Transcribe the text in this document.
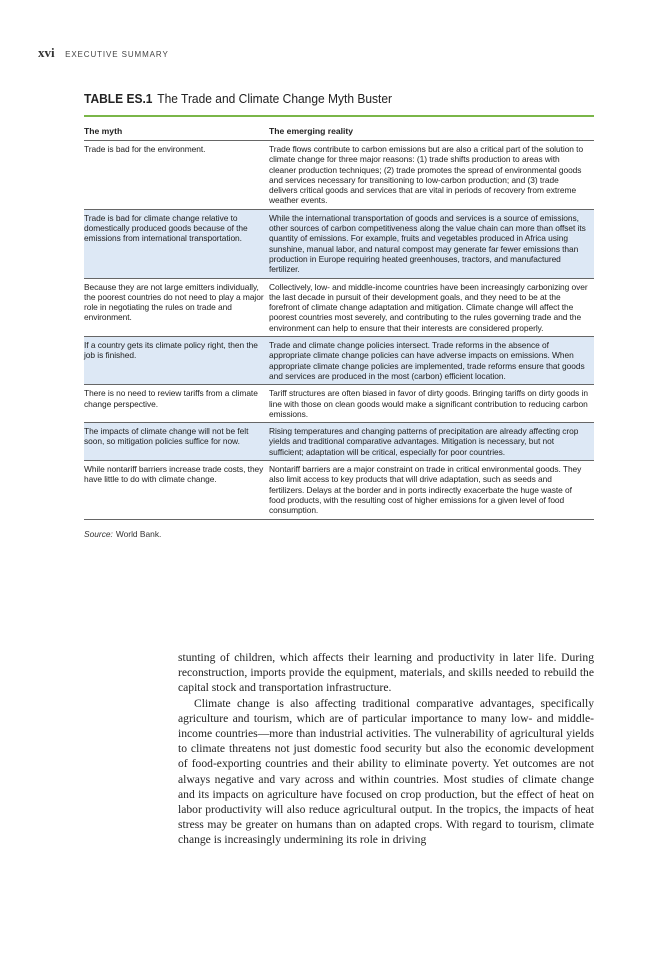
xvi EXECUTIVE SUMMARY
TABLE ES.1 The Trade and Climate Change Myth Buster
The myth	The emerging reality
Trade is bad for the environment.	Trade flows contribute to carbon emissions but are also a critical part of the solution to climate change for three major reasons: (1) trade shifts production to areas with cleaner production techniques; (2) trade promotes the spread of environmental goods and services necessary for transitioning to low-carbon production; and (3) trade delivers critical goods and services that are vital in periods of recovery from extreme weather events.
Trade is bad for climate change relative to domestically produced goods because of the emissions from international transportation.
While the international transportation of goods and services is a source of emissions, other sources of carbon competitiveness along the value chain can more than offset its quantity of emissions. For example, fruits and vegetables produced in Africa using sunshine, manual labor, and natural compost may generate far fewer emissions than production in Europe requiring heated greenhouses, tractors, and manufactured fertilizer.
Because they are not large emitters individually, the poorest countries do not need to play a major role in negotiating the rules on trade and environment.
Collectively, low- and middle-income countries have been increasingly carbonizing over the last decade in pursuit of their development goals, and they need to be at the forefront of climate change adaptation and mitigation. Climate change will affect the poorest countries most severely, and contributing to the rules governing trade and the environment can help to ensure that their interests are considered properly.
If a country gets its climate policy right, then the job is finished.
Trade and climate change policies intersect. Trade reforms in the absence of appropriate climate change policies can have adverse impacts on emissions. When appropriate climate change policies are implemented, trade reforms ensure that goods and services are produced in the most (carbon) efficient location.
There is no need to review tariffs from a climate change perspective.
Tariff structures are often biased in favor of dirty goods. Bringing tariffs on dirty goods in line with those on clean goods would make a significant contribution to reducing carbon emissions.
The impacts of climate change will not be felt soon, so mitigation policies suffice for now.
Rising temperatures and changing patterns of precipitation are already affecting crop yields and traditional comparative advantages. Mitigation is necessary, but not sufficient; adaptation will be critical, especially for poor countries.
While nontariff barriers increase trade costs, they have little to do with climate change.
Nontariff barriers are a major constraint on trade in critical environmental goods. They also limit access to key products that will drive adaptation, such as seeds and fertilizers. Delays at the border and in ports indirectly exacerbate the huge waste of food products, with the resulting cost of higher emissions for a given level of food consumption.
Source: World Bank.

stunting of children, which affects their learning and productivity in later life. During reconstruction, imports provide the equipment, materials, and skills needed to rebuild the capital stock and transportation infrastructure.

Climate change is also affecting traditional comparative advantages, specifically agriculture and tourism, which are of particular importance to many low- and middle-income countries—more than industrial activities. The vulnerability of agricultural yields to climate threatens not just domestic food security but also the economic development of food-exporting countries and their ability to eliminate poverty. Yet outcomes are not always negative and vary across and within countries. Most studies of climate change and its impacts on agriculture have focused on crop production, but the effect of heat on labor productivity will also reduce agricultural output. In the tropics, the impacts of heat stress may be greater on humans than on adapted crops. With regard to tourism, climate change is increasingly undermining its role in driving
